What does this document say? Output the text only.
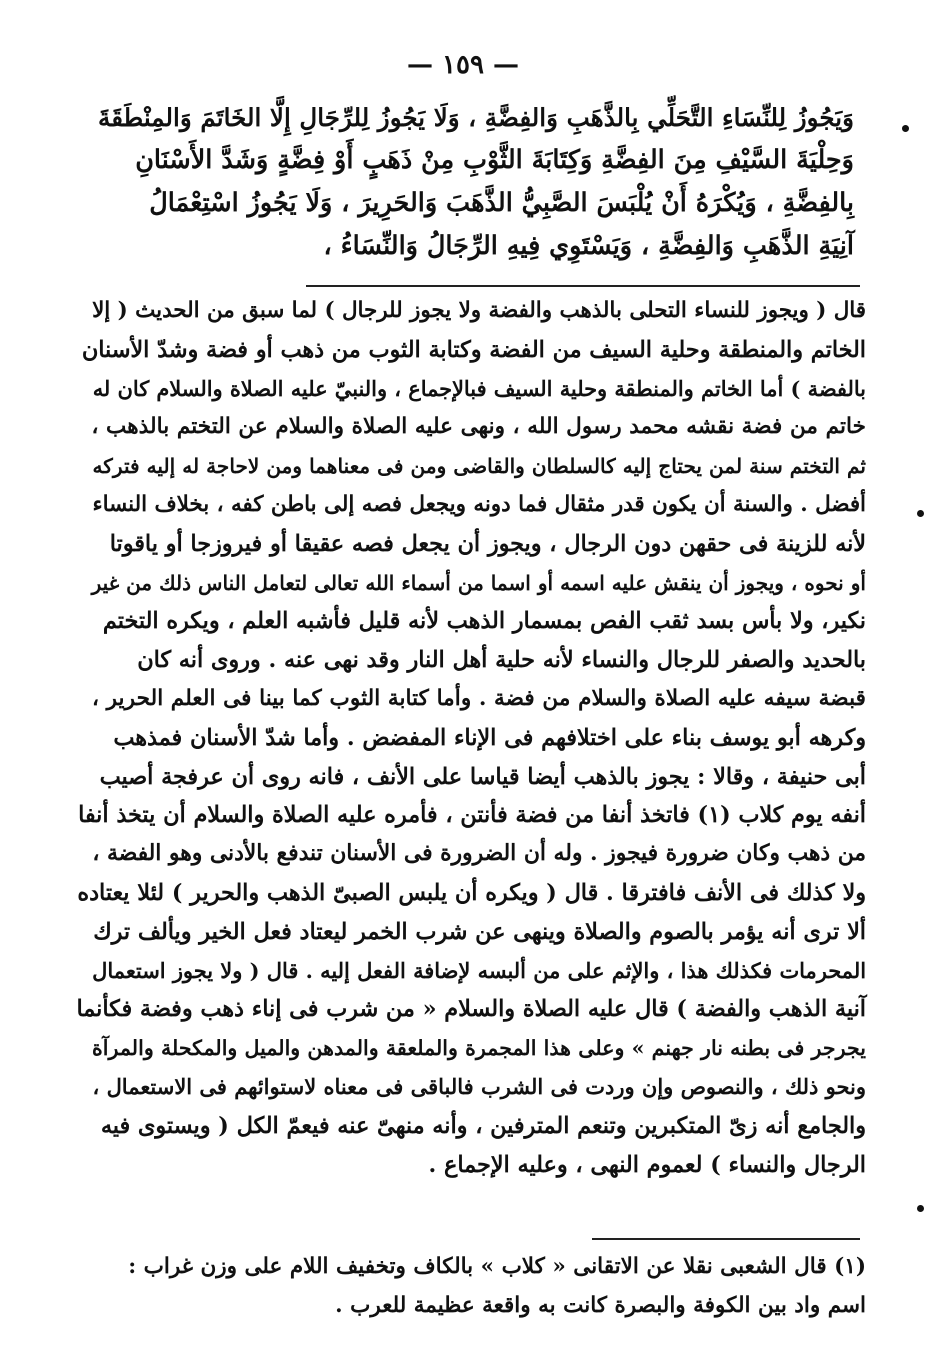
— ١٥٩ —
وَيَجُوزُ لِلنِّسَاءِ التَّحَلِّي بِالذَّهَبِ وَالفِضَّةِ ، وَلَا يَجُوزُ لِلرِّجَالِ إِلَّا الخَاتَمَ وَالمِنْطَقَةَ
وَحِلْيَةَ السَّيْفِ مِنَ الفِضَّةِ وَكِتَابَةَ الثَّوْبِ مِنْ ذَهَبٍ أَوْ فِضَّةٍ وَشَدَّ الأَسْنَانِ
بِالفِضَّةِ ، وَيُكْرَهُ أَنْ يُلْبَسَ الصَّبِيُّ الذَّهَبَ وَالحَرِيرَ ، وَلَا يَجُوزُ اسْتِعْمَالُ
آنِيَةِ الذَّهَبِ وَالفِضَّةِ ، وَيَسْتَوِي فِيهِ الرِّجَالُ وَالنِّسَاءُ ،
قال ( ويجوز للنساء التحلى بالذهب والفضة ولا يجوز للرجال ) لما سبق من الحديث ( إلا
الخاتم والمنطقة وحلية السيف من الفضة وكتابة الثوب من ذهب أو فضة وشدّ الأسنان
بالفضة ) أما الخاتم والمنطقة وحلية السيف فبالإجماع ، والنبيّ عليه الصلاة والسلام كان له
خاتم من فضة نقشه محمد رسول الله ، ونهى عليه الصلاة والسلام عن التختم بالذهب ،
ثم التختم سنة لمن يحتاج إليه كالسلطان والقاضى ومن فى معناهما ومن لاحاجة له إليه فتركه
أفضل . والسنة أن يكون قدر مثقال فما دونه ويجعل فصه إلى باطن كفه ، بخلاف النساء
لأنه للزينة فى حقهن دون الرجال ، ويجوز أن يجعل فصه عقيقا أو فيروزجا أو ياقوتا
أو نحوه ، ويجوز أن ينقش عليه اسمه أو اسما من أسماء الله تعالى لتعامل الناس ذلك من غير
نكير، ولا بأس بسد ثقب الفص بمسمار الذهب لأنه قليل فأشبه العلم ، ويكره التختم
بالحديد والصفر للرجال والنساء لأنه حلية أهل النار وقد نهى عنه . وروى أنه كان
قبضة سيفه عليه الصلاة والسلام من فضة . وأما كتابة الثوب كما بينا فى العلم الحرير ،
وكرهه أبو يوسف بناء على اختلافهم فى الإناء المفضض . وأما شدّ الأسنان فمذهب
أبى حنيفة ، وقالا : يجوز بالذهب أيضا قياسا على الأنف ، فانه روى أن عرفجة أصيب
أنفه يوم كلاب (١) فاتخذ أنفا من فضة فأنتن ، فأمره عليه الصلاة والسلام أن يتخذ أنفا
من ذهب وكان ضرورة فيجوز . وله أن الضرورة فى الأسنان تندفع بالأدنى وهو الفضة ،
ولا كذلك فى الأنف فافترقا . قال ( ويكره أن يلبس الصبىّ الذهب والحرير ) لئلا يعتاده
ألا ترى أنه يؤمر بالصوم والصلاة وينهى عن شرب الخمر ليعتاد فعل الخير ويألف ترك
المحرمات فكذلك هذا ، والإثم على من ألبسه لإضافة الفعل إليه . قال ( ولا يجوز استعمال
آنية الذهب والفضة ) قال عليه الصلاة والسلام « من شرب فى إناء ذهب وفضة فكأنما
يجرجر فى بطنه نار جهنم » وعلى هذا المجمرة والملعقة والمدهن والميل والمكحلة والمرآة
ونحو ذلك ، والنصوص وإن وردت فى الشرب فالباقى فى معناه لاستوائهم فى الاستعمال ،
والجامع أنه زىّ المتكبرين وتنعم المترفين ، وأنه منهىّ عنه فيعمّ الكل ( ويستوى فيه
الرجال والنساء ) لعموم النهى ، وعليه الإجماع .
(١) قال الشعبى نقلا عن الاتقانى « كلاب » بالكاف وتخفيف اللام على وزن غراب :
اسم واد بين الكوفة والبصرة كانت به واقعة عظيمة للعرب .
